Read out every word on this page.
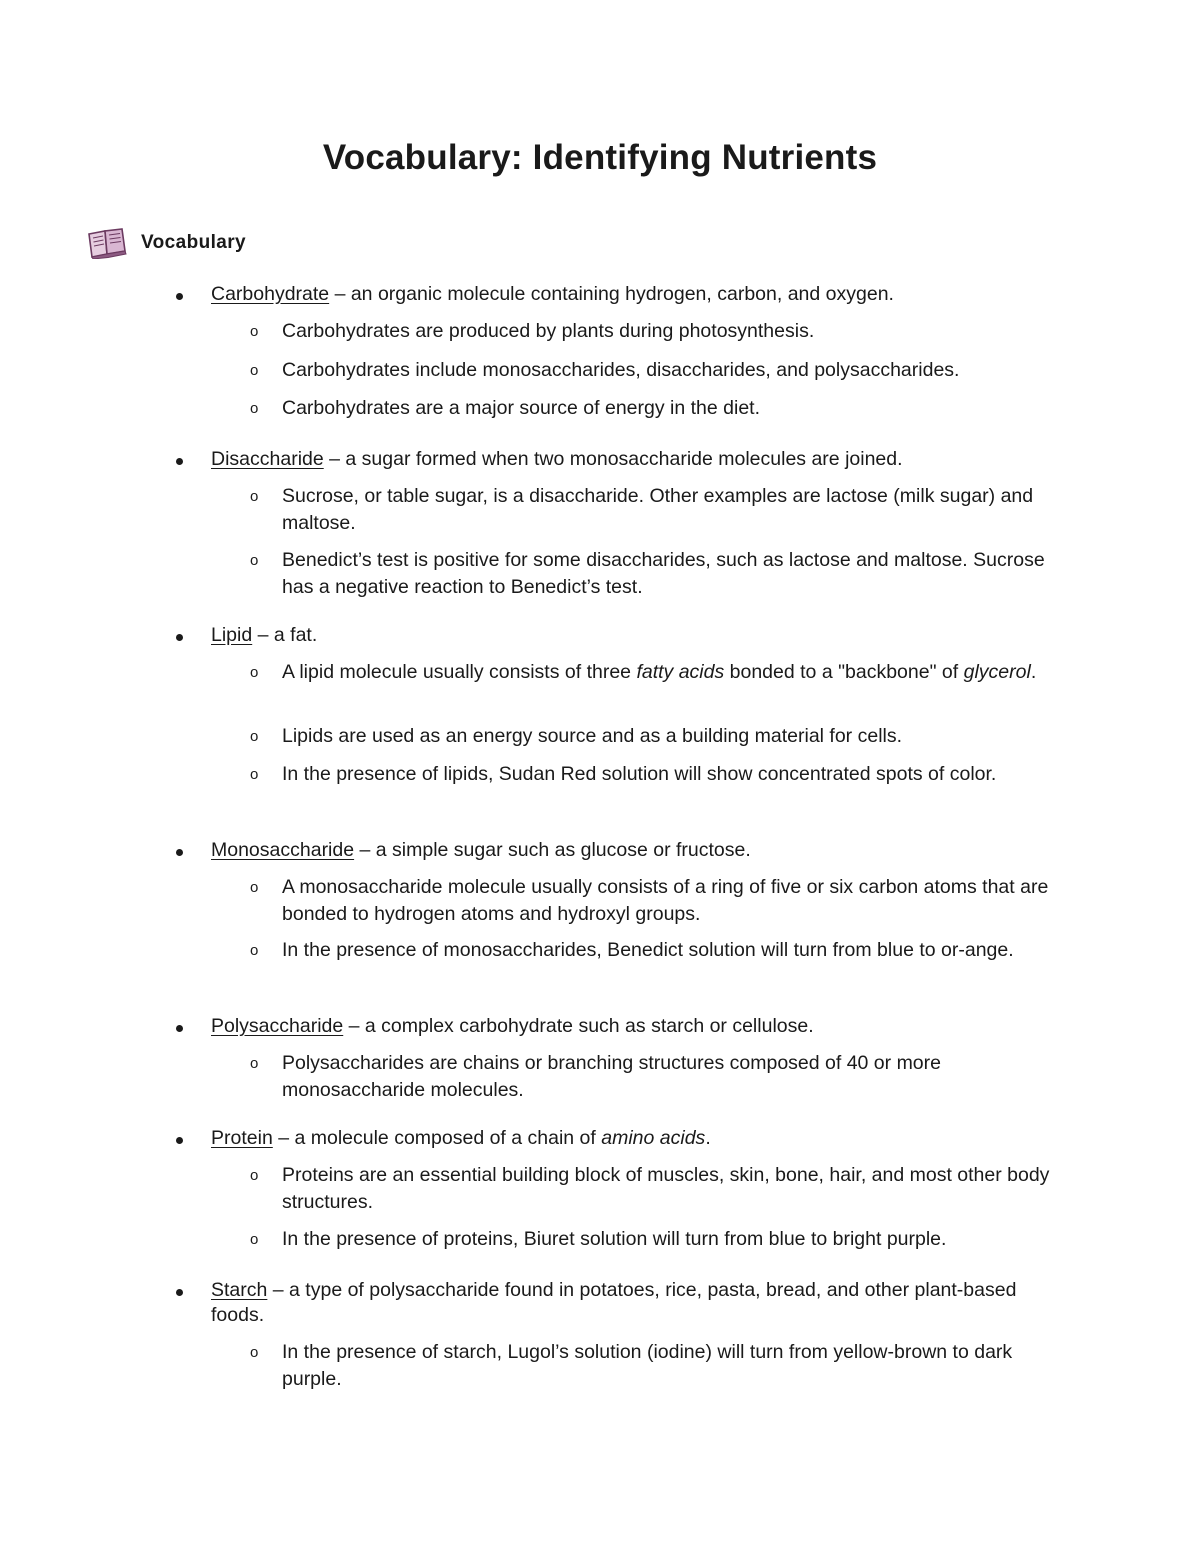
Vocabulary: Identifying Nutrients
Vocabulary
Carbohydrate – an organic molecule containing hydrogen, carbon, and oxygen.
o Carbohydrates are produced by plants during photosynthesis.
o Carbohydrates include monosaccharides, disaccharides, and polysaccharides.
o Carbohydrates are a major source of energy in the diet.
Disaccharide – a sugar formed when two monosaccharide molecules are joined.
o Sucrose, or table sugar, is a disaccharide. Other examples are lactose (milk sugar) and maltose.
o Benedict’s test is positive for some disaccharides, such as lactose and maltose. Sucrose has a negative reaction to Benedict’s test.
Lipid – a fat.
o A lipid molecule usually consists of three fatty acids bonded to a "backbone" of glycerol.
o Lipids are used as an energy source and as a building material for cells.
o In the presence of lipids, Sudan Red solution will show concentrated spots of color.
Monosaccharide – a simple sugar such as glucose or fructose.
o A monosaccharide molecule usually consists of a ring of five or six carbon atoms that are bonded to hydrogen atoms and hydroxyl groups.
o In the presence of monosaccharides, Benedict solution will turn from blue to or-ange.
Polysaccharide – a complex carbohydrate such as starch or cellulose.
o Polysaccharides are chains or branching structures composed of 40 or more monosaccharide molecules.
Protein – a molecule composed of a chain of amino acids.
o Proteins are an essential building block of muscles, skin, bone, hair, and most other body structures.
o In the presence of proteins, Biuret solution will turn from blue to bright purple.
Starch – a type of polysaccharide found in potatoes, rice, pasta, bread, and other plant-based foods.
o In the presence of starch, Lugol’s solution (iodine) will turn from yellow-brown to dark purple.
